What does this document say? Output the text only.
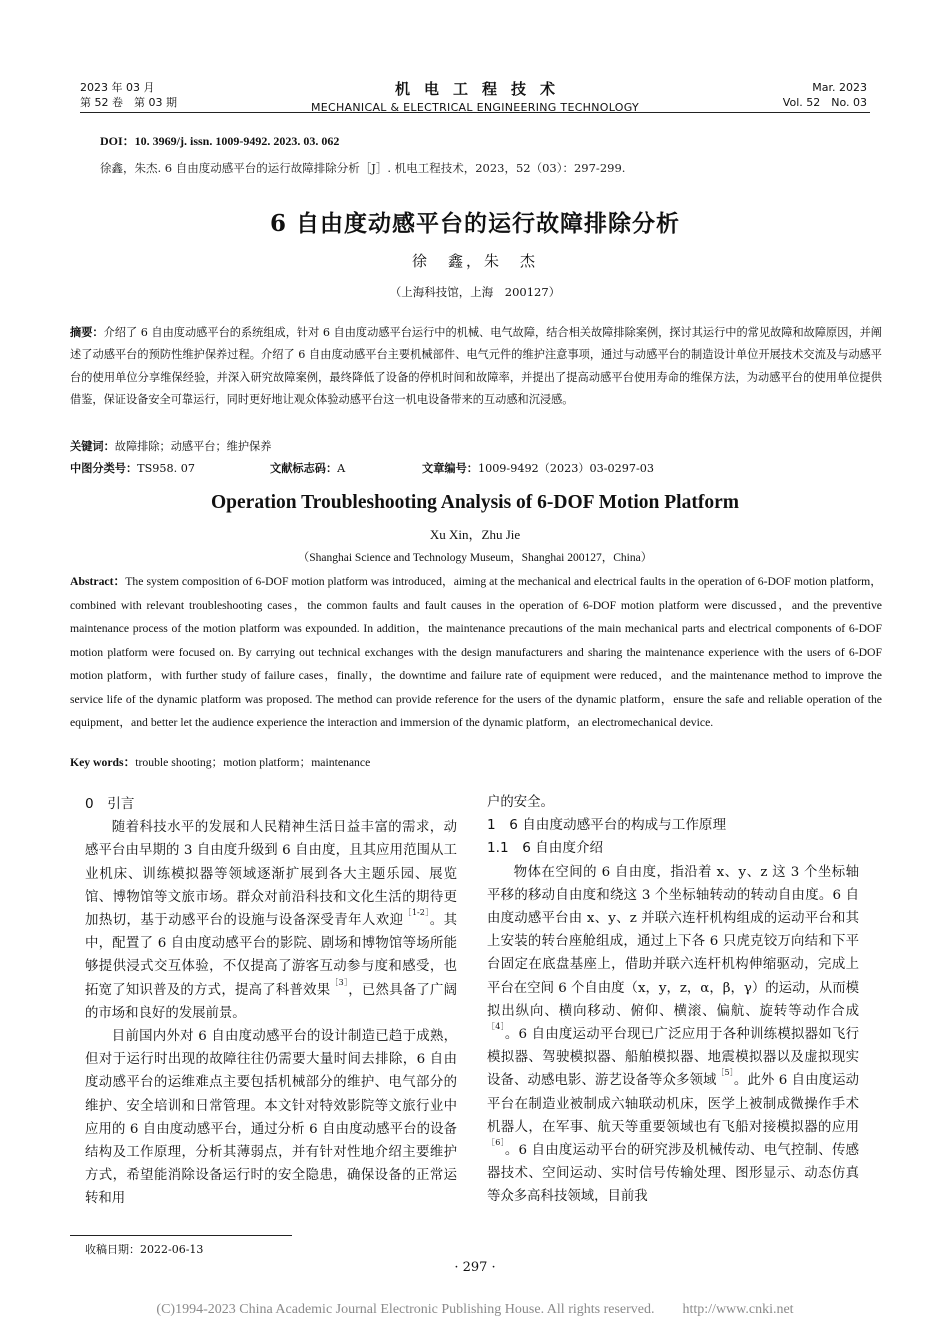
2023 年 03 月
第 52 卷　第 03 期
机电工程技术
MECHANICAL & ELECTRICAL ENGINEERING TECHNOLOGY
Mar. 2023
Vol. 52　No. 03
DOI：10. 3969/j. issn. 1009-9492. 2023. 03. 062
徐鑫，朱杰. 6 自由度动感平台的运行故障排除分析［J］. 机电工程技术，2023，52（03）：297-299.
6 自由度动感平台的运行故障排除分析
徐　鑫，朱　杰
（上海科技馆，上海　200127）
摘要：介绍了 6 自由度动感平台的系统组成，针对 6 自由度动感平台运行中的机械、电气故障，结合相关故障排除案例，探讨其运行中的常见故障和故障原因，并阐述了动感平台的预防性维护保养过程。介绍了 6 自由度动感平台主要机械部件、电气元件的维护注意事项，通过与动感平台的制造设计单位开展技术交流及与动感平台的使用单位分享维保经验，并深入研究故障案例，最终降低了设备的停机时间和故障率，并提出了提高动感平台使用寿命的维保方法，为动感平台的使用单位提供借鉴，保证设备安全可靠运行，同时更好地让观众体验动感平台这一机电设备带来的互动感和沉浸感。
关键词：故障排除；动感平台；维护保养
中图分类号：TS958. 07	文献标志码：A	文章编号：1009-9492（2023）03-0297-03
Operation Troubleshooting Analysis of 6-DOF Motion Platform
Xu Xin，Zhu Jie
（Shanghai Science and Technology Museum，Shanghai 200127，China）
Abstract：The system composition of 6-DOF motion platform was introduced，aiming at the mechanical and electrical faults in the operation of 6-DOF motion platform，combined with relevant troubleshooting cases，the common faults and fault causes in the operation of 6-DOF motion platform were discussed，and the preventive maintenance process of the motion platform was expounded. In addition，the maintenance precautions of the main mechanical parts and electrical components of 6-DOF motion platform were focused on. By carrying out technical exchanges with the design manufacturers and sharing the maintenance experience with the users of 6-DOF motion platform，with further study of failure cases，finally，the downtime and failure rate of equipment were reduced，and the maintenance method to improve the service life of the dynamic platform was proposed. The method can provide reference for the users of the dynamic platform，ensure the safe and reliable operation of the equipment，and better let the audience experience the interaction and immersion of the dynamic platform，an electromechanical device.
Key words：trouble shooting；motion platform；maintenance

0　引言

随着科技水平的发展和人民精神生活日益丰富的需求，动感平台由早期的 3 自由度升级到 6 自由度，且其应用范围从工业机床、训练模拟器等领域逐渐扩展到各大主题乐园、展览馆、博物馆等文旅市场。群众对前沿科技和文化生活的期待更加热切，基于动感平台的设施与设备深受青年人欢迎$^{[1-2]}$。其中，配置了 6 自由度动感平台的影院、剧场和博物馆等场所能够提供浸式交互体验，不仅提高了游客互动参与度和感受，也拓宽了知识普及的方式，提高了科普效果$^{[3]}$，已然具备了广阔的市场和良好的发展前景。

目前国内外对 6 自由度动感平台的设计制造已趋于成熟，但对于运行时出现的故障往往仍需要大量时间去排除，6 自由度动感平台的运维难点主要包括机械部分的维护、电气部分的维护、安全培训和日常管理。本文针对特效影院等文旅行业中应用的 6 自由度动感平台，通过分析 6 自由度动感平台的设备结构及工作原理，分析其薄弱点，并有针对性地介绍主要维护方式，希望能消除设备运行时的安全隐患，确保设备的正常运转和用

户的安全。

1　6 自由度动感平台的构成与工作原理

1.1　6 自由度介绍

物体在空间的 6 自由度，指沿着 x、y、z 这 3 个坐标轴平移的移动自由度和绕这 3 个坐标轴转动的转动自由度。6 自由度动感平台由 x、y、z 并联六连杆机构组成的运动平台和其上安装的转台座舱组成，通过上下各 6 只虎克铰万向结和下平台固定在底盘基座上，借助并联六连杆机构伸缩驱动，完成上平台在空间 6 个自由度（x，y，z，α，β，γ）的运动，从而模拟出纵向、横向移动、俯仰、横滚、偏航、旋转等动作合成$^{[4]}$。6 自由度运动平台现已广泛应用于各种训练模拟器如飞行模拟器、驾驶模拟器、船舶模拟器、地震模拟器以及虚拟现实设备、动感电影、游艺设备等众多领域$^{[5]}$。此外 6 自由度运动平台在制造业被制成六轴联动机床，医学上被制成微操作手术机器人，在军事、航天等重要领域也有飞船对接模拟器的应用$^{[6]}$。6 自由度运动平台的研究涉及机械传动、电气控制、传感器技术、空间运动、实时信号传输处理、图形显示、动态仿真等众多高科技领域，目前我

收稿日期：2022-06-13
· 297 ·
(C)1994-2023 China Academic Journal Electronic Publishing House. All rights reserved.　　http://www.cnki.net
